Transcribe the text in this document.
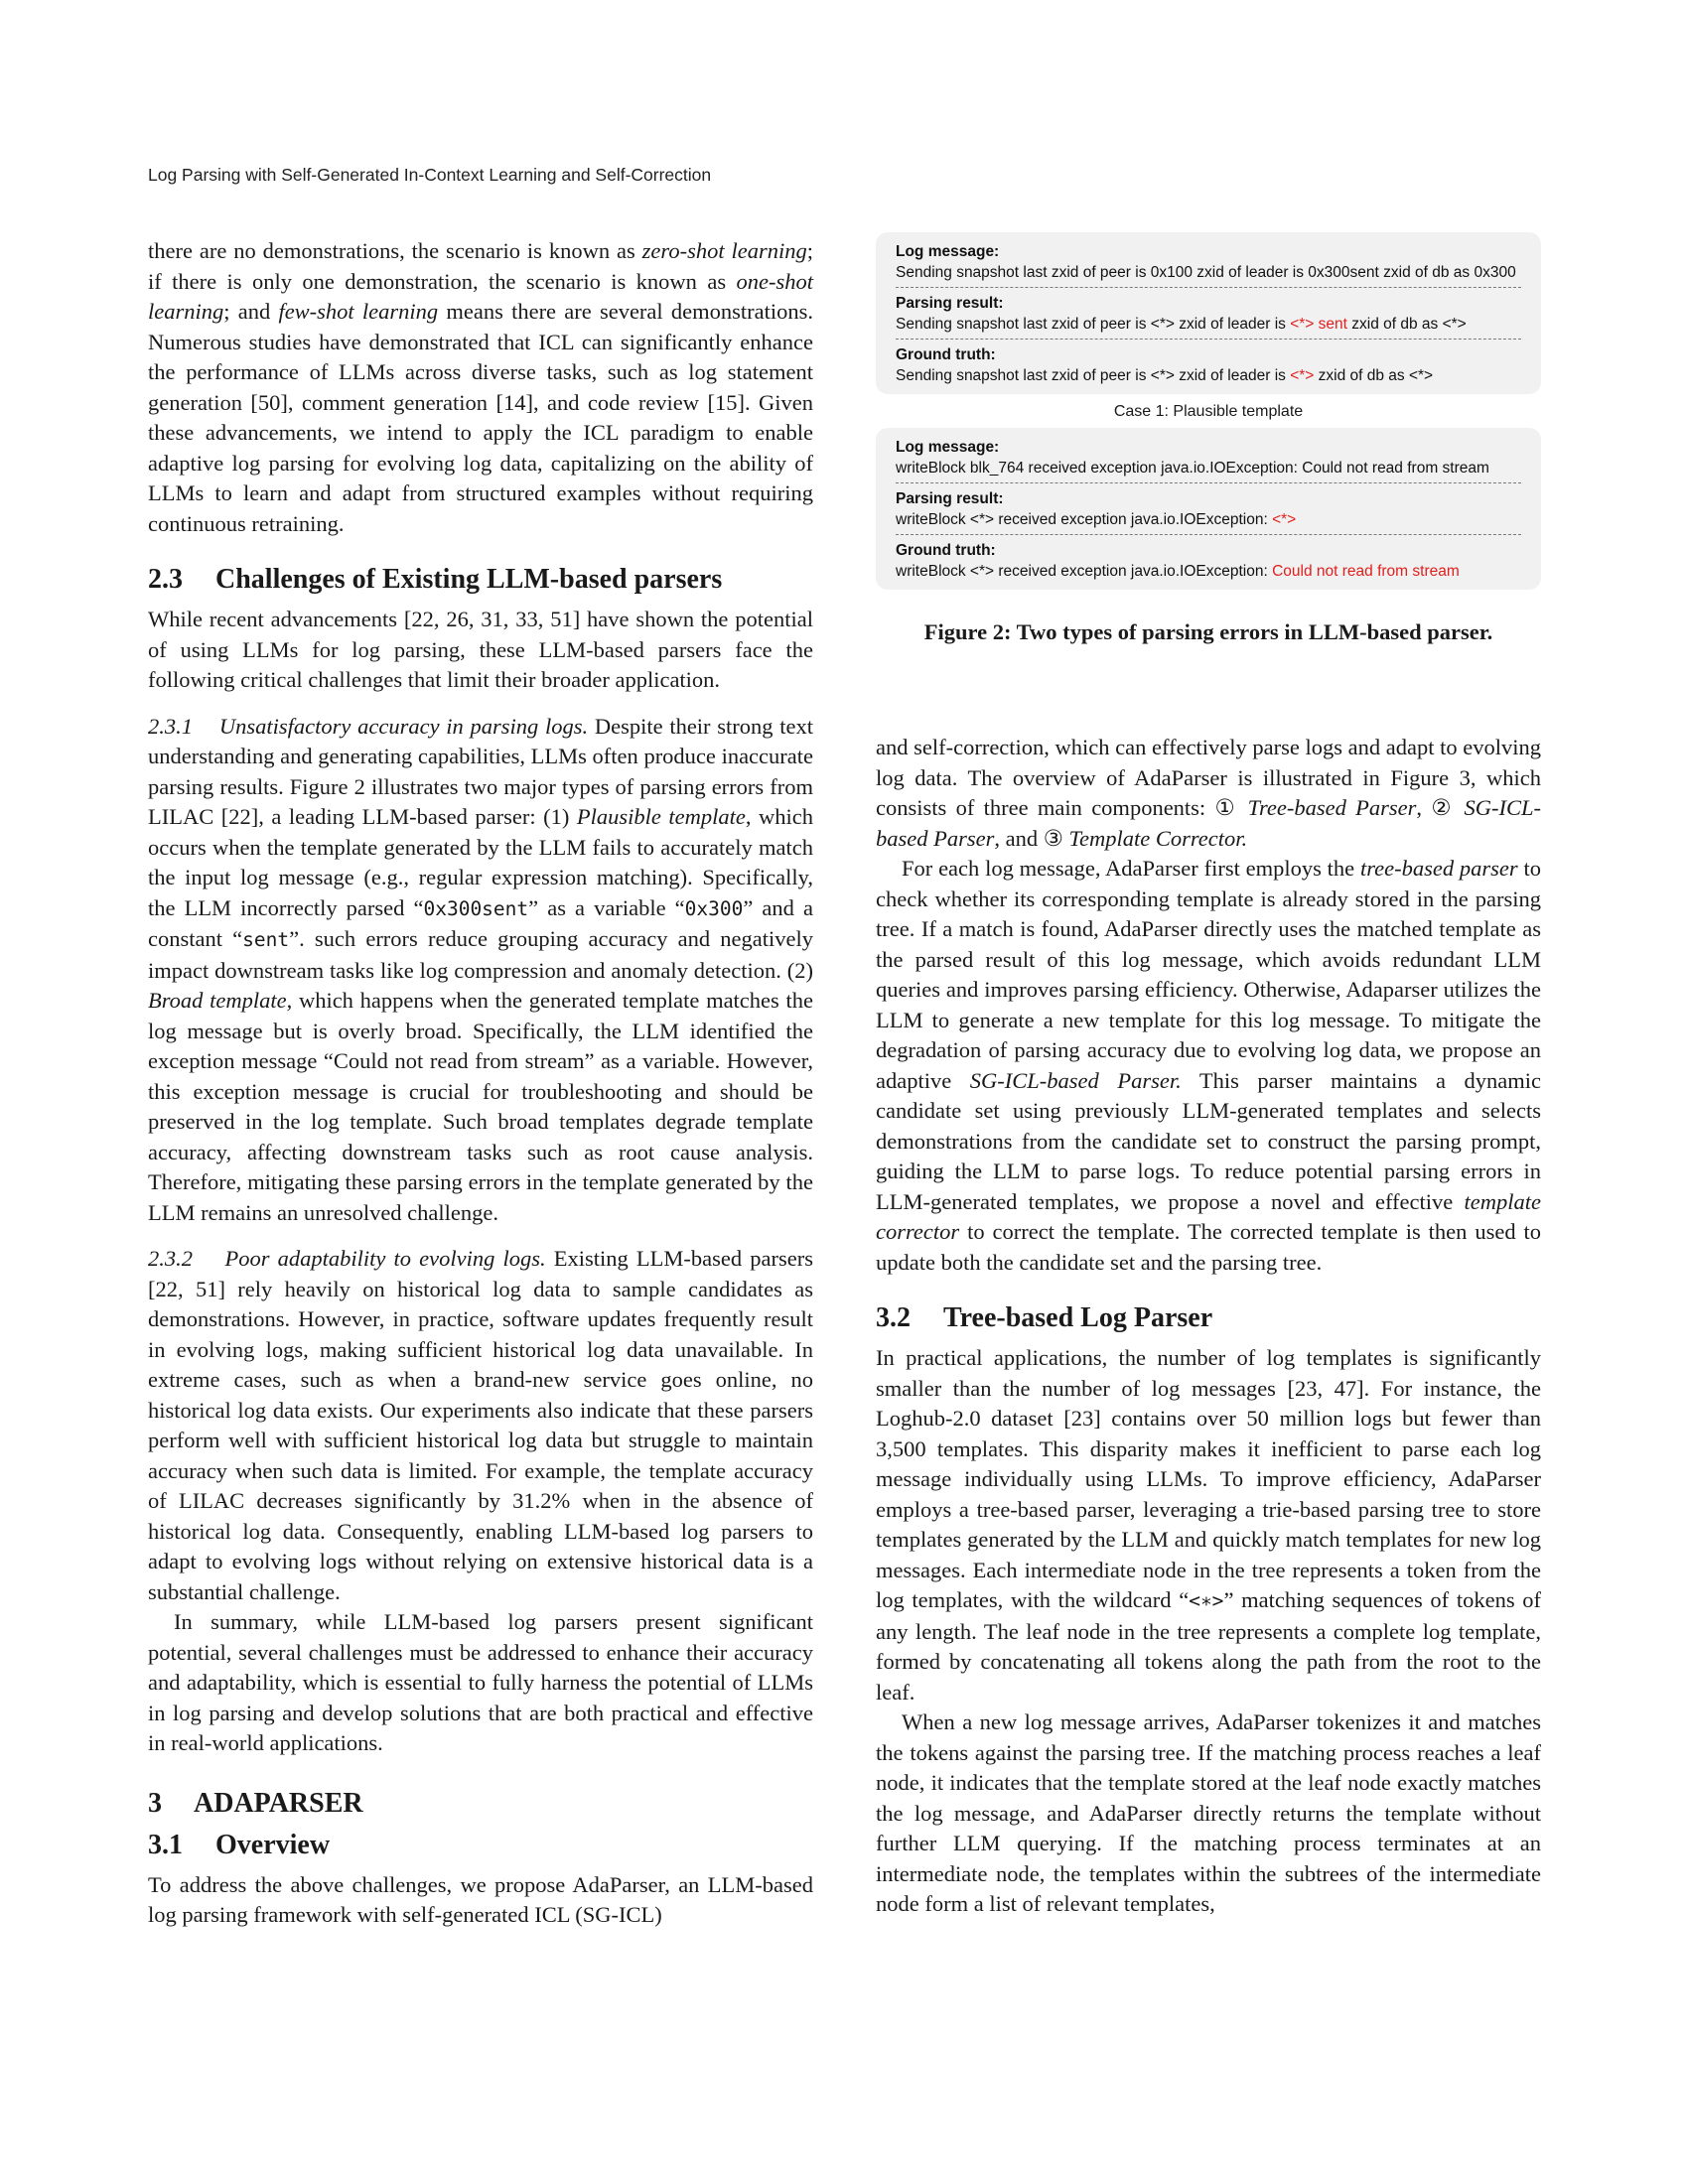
Log Parsing with Self-Generated In-Context Learning and Self-Correction

there are no demonstrations, the scenario is known as zero-shot learning; if there is only one demonstration, the scenario is known as one-shot learning; and few-shot learning means there are several demonstrations. Numerous studies have demonstrated that ICL can significantly enhance the performance of LLMs across diverse tasks, such as log statement generation [50], comment generation [14], and code review [15]. Given these advancements, we intend to apply the ICL paradigm to enable adaptive log parsing for evolving log data, capitalizing on the ability of LLMs to learn and adapt from structured examples without requiring continuous retraining.

2.3 Challenges of Existing LLM-based parsers

While recent advancements [22, 26, 31, 33, 51] have shown the potential of using LLMs for log parsing, these LLM-based parsers face the following critical challenges that limit their broader application.

2.3.1    Unsatisfactory accuracy in parsing logs. Despite their strong text understanding and generating capabilities, LLMs often produce inaccurate parsing results. Figure 2 illustrates two major types of parsing errors from LILAC [22], a leading LLM-based parser: (1) Plausible template, which occurs when the template generated by the LLM fails to accurately match the input log message (e.g., regular expression matching). Specifically, the LLM incorrectly parsed “0x300sent” as a variable “0x300” and a constant “sent”. such errors reduce grouping accuracy and negatively impact downstream tasks like log compression and anomaly detection. (2) Broad template, which happens when the generated template matches the log message but is overly broad. Specifically, the LLM identified the exception message “Could not read from stream” as a variable. However, this exception message is crucial for troubleshooting and should be preserved in the log template. Such broad templates degrade template accuracy, affecting downstream tasks such as root cause analysis. Therefore, mitigating these parsing errors in the template generated by the LLM remains an unresolved challenge.

2.3.2    Poor adaptability to evolving logs. Existing LLM-based parsers [22, 51] rely heavily on historical log data to sample candidates as demonstrations. However, in practice, software updates frequently result in evolving logs, making sufficient historical log data unavailable. In extreme cases, such as when a brand-new service goes online, no historical log data exists. Our experiments also indicate that these parsers perform well with sufficient historical log data but struggle to maintain accuracy when such data is limited. For example, the template accuracy of LILAC decreases significantly by 31.2% when in the absence of historical log data. Consequently, enabling LLM-based log parsers to adapt to evolving logs without relying on extensive historical data is a substantial challenge.

In summary, while LLM-based log parsers present significant potential, several challenges must be addressed to enhance their accuracy and adaptability, which is essential to fully harness the potential of LLMs in log parsing and develop solutions that are both practical and effective in real-world applications.

3 ADAPARSER
3.1 Overview

To address the above challenges, we propose AdaParser, an LLM-based log parsing framework with self-generated ICL (SG-ICL)

Log message:
Sending snapshot last zxid of peer is 0x100 zxid of leader is 0x300sent zxid of db as 0x300
Parsing result:
Sending snapshot last zxid of peer is <*> zxid of leader is <*> sent zxid of db as <*>
Ground truth:
Sending snapshot last zxid of peer is <*> zxid of leader is <*> zxid of db as <*>
Case 1: Plausible template
Log message:
writeBlock blk_764 received exception java.io.IOException: Could not read from stream
Parsing result:
writeBlock <*> received exception java.io.IOException: <*>
Ground truth:
writeBlock <*> received exception java.io.IOException: Could not read from stream
Figure 2: Two types of parsing errors in LLM-based parser.

and self-correction, which can effectively parse logs and adapt to evolving log data. The overview of AdaParser is illustrated in Figure 3, which consists of three main components: ① Tree-based Parser, ② SG-ICL-based Parser, and ③ Template Corrector.

For each log message, AdaParser first employs the tree-based parser to check whether its corresponding template is already stored in the parsing tree. If a match is found, AdaParser directly uses the matched template as the parsed result of this log message, which avoids redundant LLM queries and improves parsing efficiency. Otherwise, Adaparser utilizes the LLM to generate a new template for this log message. To mitigate the degradation of parsing accuracy due to evolving log data, we propose an adaptive SG-ICL-based Parser. This parser maintains a dynamic candidate set using previously LLM-generated templates and selects demonstrations from the candidate set to construct the parsing prompt, guiding the LLM to parse logs. To reduce potential parsing errors in LLM-generated templates, we propose a novel and effective template corrector to correct the template. The corrected template is then used to update both the candidate set and the parsing tree.

3.2 Tree-based Log Parser

In practical applications, the number of log templates is significantly smaller than the number of log messages [23, 47]. For instance, the Loghub-2.0 dataset [23] contains over 50 million logs but fewer than 3,500 templates. This disparity makes it inefficient to parse each log message individually using LLMs. To improve efficiency, AdaParser employs a tree-based parser, leveraging a trie-based parsing tree to store templates generated by the LLM and quickly match templates for new log messages. Each intermediate node in the tree represents a token from the log templates, with the wildcard “<∗>” matching sequences of tokens of any length. The leaf node in the tree represents a complete log template, formed by concatenating all tokens along the path from the root to the leaf.

When a new log message arrives, AdaParser tokenizes it and matches the tokens against the parsing tree. If the matching process reaches a leaf node, it indicates that the template stored at the leaf node exactly matches the log message, and AdaParser directly returns the template without further LLM querying. If the matching process terminates at an intermediate node, the templates within the subtrees of the intermediate node form a list of relevant templates,
